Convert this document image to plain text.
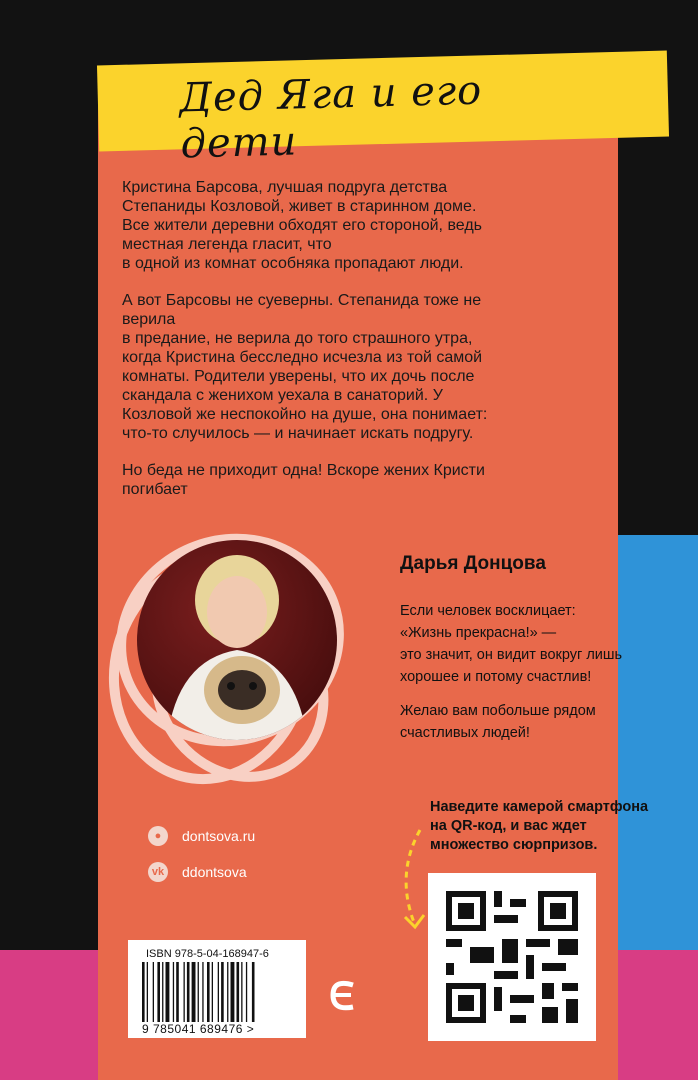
Дед Яга и его дети

Кристина Барсова, лучшая подруга детства
Степаниды Козловой, живет в старинном доме.
Все жители деревни обходят его стороной, ведь
местная легенда гласит, что
в одной из комнат особняка пропадают люди.

А вот Барсовы не суеверны. Степанида тоже не
верила
в предание, не верила до того страшного утра,
когда Кристина бесследно исчезла из той самой
комнаты. Родители уверены, что их дочь после
скандала с женихом уехала в санаторий. У
Козловой же неспокойно на душе, она понимает:
что-то случилось — и начинает искать подругу.

Но беда не приходит одна! Вскоре жених Кристи
погибает

Дарья Донцова

Если человек восклицает:
«Жизнь прекрасна!» —
это значит, он видит вокруг лишь
хорошее и потому счастлив!

Желаю вам побольше рядом
счастливых людей!

Наведите камерой смартфона
на QR-код, и вас ждет
множество сюрпризов.
●	dontsova.ru
vk ddontsova
ISBN 978-5-04-168947-6
9 785041 689476 >
